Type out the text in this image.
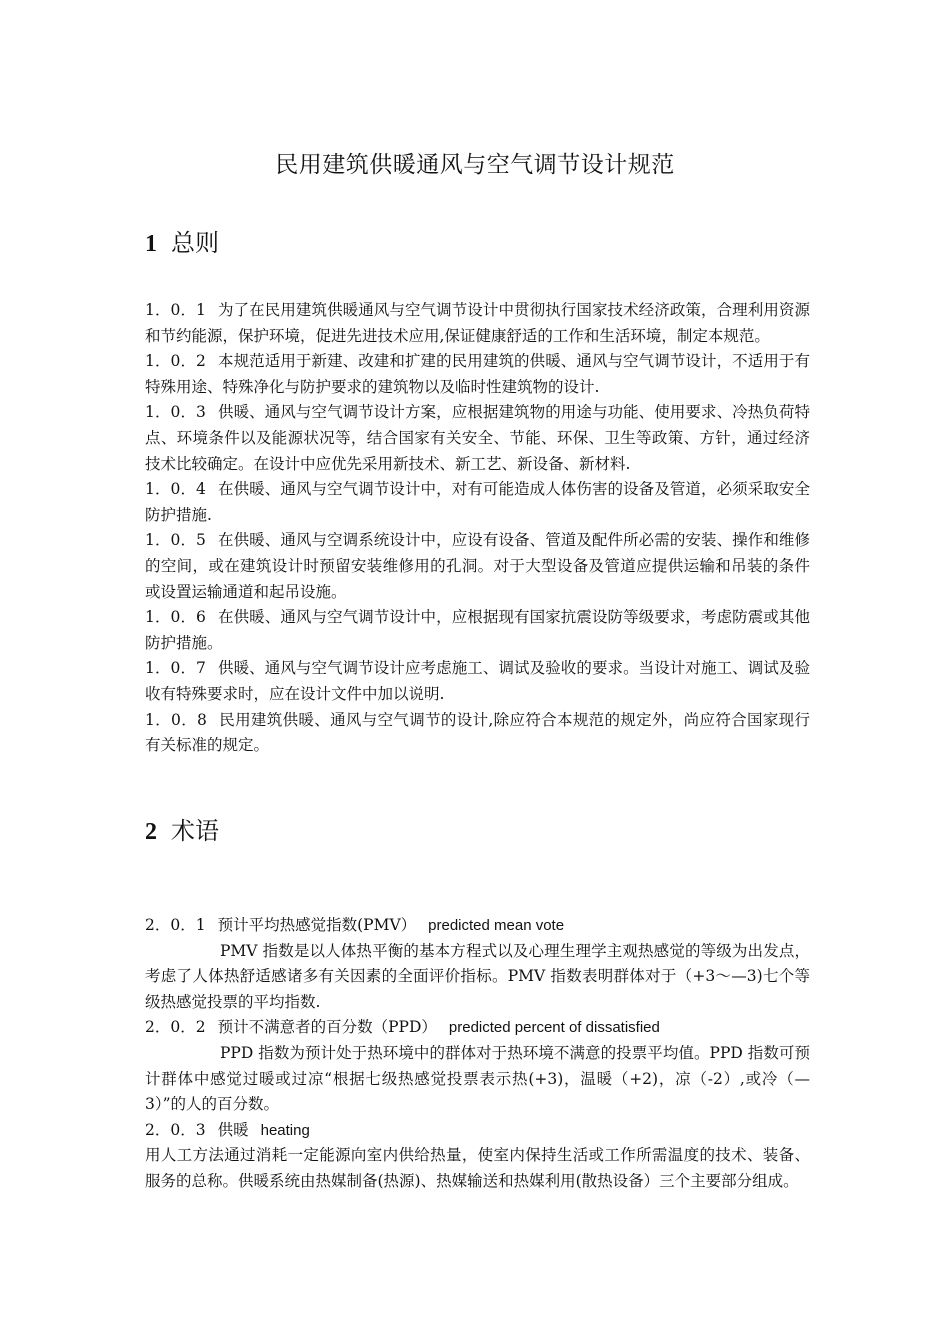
民用建筑供暖通风与空气调节设计规范
1 总则

1．0．1 为了在民用建筑供暖通风与空气调节设计中贯彻执行国家技术经济政策，合理利用资源和节约能源，保护环境，促进先进技术应用,保证健康舒适的工作和生活环境，制定本规范。

1．0．2 本规范适用于新建、改建和扩建的民用建筑的供暖、通风与空气调节设计，不适用于有特殊用途、特殊净化与防护要求的建筑物以及临时性建筑物的设计.

1．0．3 供暖、通风与空气调节设计方案，应根据建筑物的用途与功能、使用要求、冷热负荷特点、环境条件以及能源状况等，结合国家有关安全、节能、环保、卫生等政策、方针，通过经济技术比较确定。在设计中应优先采用新技术、新工艺、新设备、新材料.

1．0．4 在供暖、通风与空气调节设计中，对有可能造成人体伤害的设备及管道，必须采取安全防护措施.

1．0．5 在供暖、通风与空调系统设计中，应设有设备、管道及配件所必需的安装、操作和维修的空间，或在建筑设计时预留安装维修用的孔洞。对于大型设备及管道应提供运输和吊装的条件或设置运输通道和起吊设施。

1．0．6 在供暖、通风与空气调节设计中，应根据现有国家抗震设防等级要求，考虑防震或其他防护措施。

1．0．7 供暖、通风与空气调节设计应考虑施工、调试及验收的要求。当设计对施工、调试及验收有特殊要求时，应在设计文件中加以说明.

1．0．8 民用建筑供暖、通风与空气调节的设计,除应符合本规范的规定外，尚应符合国家现行有关标准的规定。

2 术语

2．0．1 预计平均热感觉指数(PMV） predicted mean vote

PMV 指数是以人体热平衡的基本方程式以及心理生理学主观热感觉的等级为出发点，考虑了人体热舒适感诸多有关因素的全面评价指标。PMV 指数表明群体对于（+3～—3)七个等级热感觉投票的平均指数.

2．0．2 预计不满意者的百分数（PPD） predicted percent of dissatisfied

PPD 指数为预计处于热环境中的群体对于热环境不满意的投票平均值。PPD 指数可预计群体中感觉过暖或过凉“根据七级热感觉投票表示热(+3)，温暖（+2)，凉（-2）,或冷（—3）”的人的百分数。

2．0．3 供暖 heating

用人工方法通过消耗一定能源向室内供给热量，使室内保持生活或工作所需温度的技术、装备、服务的总称。供暖系统由热媒制备(热源)、热媒输送和热媒利用(散热设备）三个主要部分组成。
